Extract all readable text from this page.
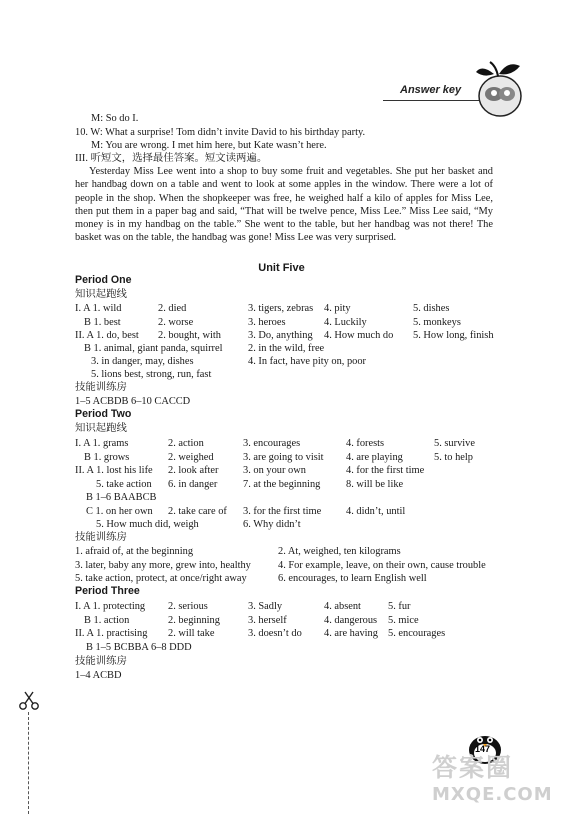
Answer key
M: So do I.
10. W: What a surprise! Tom didn’t invite David to his birthday party.
M: You are wrong. I met him here, but Kate wasn’t here.
III. 听短文，选择最佳答案。短文读两遍。
Yesterday Miss Lee went into a shop to buy some fruit and vegetables. She put her basket and her handbag down on a table and went to look at some apples in the window. There were a lot of people in the shop. When the shopkeeper was free, he weighed half a kilo of apples for Miss Lee, then put them in a paper bag and said, “That will be twelve pence, Miss Lee.” Miss Lee said, “My money is in my handbag on the table.” She went to the table, but her handbag was not there! The basket was on the table, the handbag was gone! Miss Lee was very surprised.
Unit Five
Period One
知识起跑线
I. A 1. wild	2. died	3. tigers, zebras 4. pity	5. dishes
B 1. best	2. worse	3. heroes	4. Luckily	5. monkeys
II. A 1. do, best 2. bought, with	3. Do, anything 4. How much do 5. How long, finish
B 1. animal, giant panda, squirrel 2. in the wild, free
3. in danger, may, dishes	4. In fact, have pity on, poor
5. lions best, strong, run, fast
技能训练房
1–5 ACBDB 6–10 CACCD
Period Two
知识起跑线
I. A 1. grams	2. action	3. encourages	4. forests	5. survive
B 1. grows	2. weighed	3. are going to visit 4. are playing	5. to help
II. A 1. lost his life 2. look after 3. on your own	4. for the first time
5. take action 6. in danger 7. at the beginning 8. will be like
B 1–6 BAABCB
C 1. on her own 2. take care of 3. for the first time 4. didn’t, until
5. How much did, weigh	6. Why didn’t
技能训练房
1. afraid of, at the beginning	2. At, weighed, ten kilograms
3. later, baby any more, grew into, healthy	4. For example, leave, on their own, cause trouble
5. take action, protect, at once/right away	6. encourages, to learn English well
Period Three
I. A 1. protecting 2. serious	3. Sadly	4. absent	5. fur
B 1. action	2. beginning	3. herself	4. dangerous 5. mice
II. A 1. practising 2. will take	3. doesn’t do 4. are having 5. encourages
B 1–5 BCBBA 6–8 DDD
技能训练房
1–4 ACBD
147
答案圈
MXQE.COM
